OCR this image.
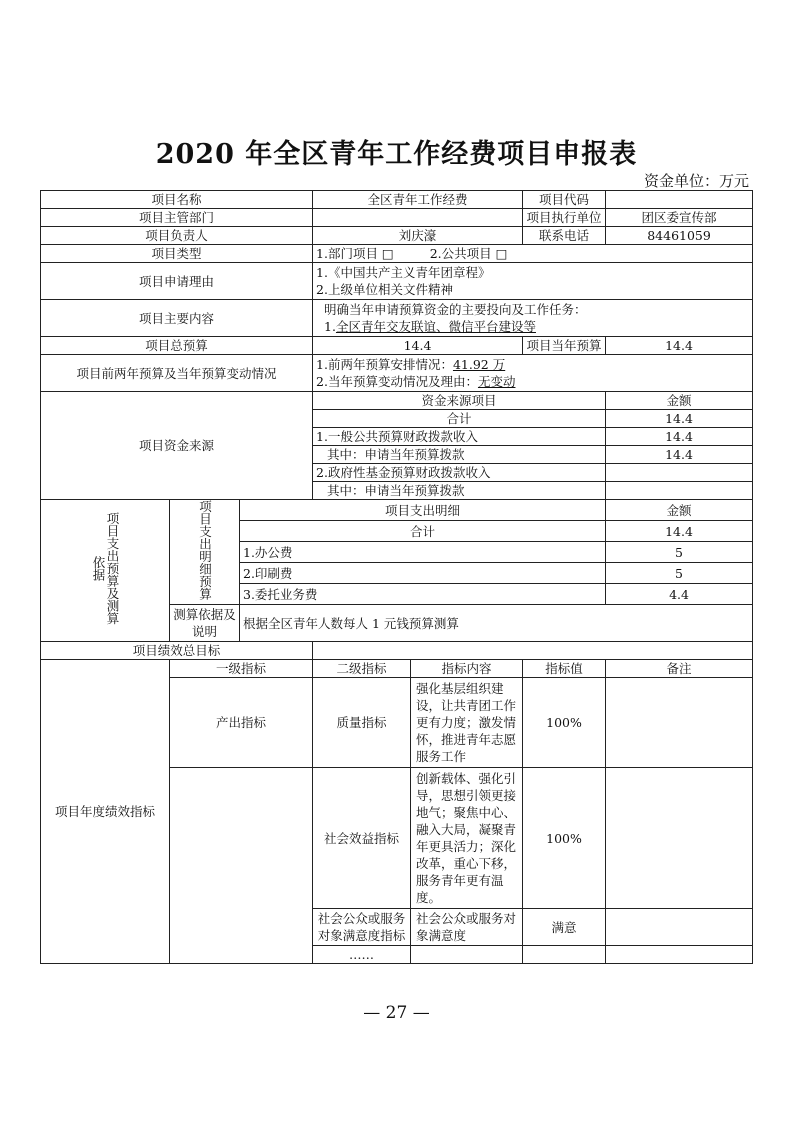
2020 年全区青年工作经费项目申报表
资金单位：万元
项目名称			全区青年工作经费		项目代码	
项目主管部门					项目执行单位	团区委宣传部
项目负责人			刘庆濠		联系电话	84461059
项目类型			1.部门项目 □ 2.公共项目 □			
项目申请理由			1.《中国共产主义青年团章程》
2.上级单位相关文件精神			

项目主要内容			明确当年申请预算资金的主要投向及工作任务：
1.全区青年交友联谊、微信平台建设等			

项目总预算			14.4		项目当年预算	14.4
项目前两年预算及当年预算变动情况			1.前两年预算安排情况：41.92 万
2.当年预算变动情况及理由：无变动			

项目资金来源			资金来源项目			金额
			合计			14.4
			1.一般公共预算财政拨款收入			14.4
			其中：申请当年预算拨款			14.4
			2.政府性基金预算财政拨款收入			
			其中：申请当年预算拨款			
项目支出预算及测算依据	项目支出明细预算	项目支出明细				金额
		合计				14.4
		1.办公费				5
		2.印刷费				5
		3.委托业务费				4.4
	测算依据及说明	根据全区青年人数每人 1 元钱预算测算				
项目绩效总目标						
项目年度绩效指标	一级指标		二级指标	指标内容	指标值	备注
	产出指标		质量指标	强化基层组织建设，让共青团工作更有力度；激发情怀，推进青年志愿服务工作	100%	
			社会效益指标	创新载体、强化引导，思想引领更接地气；聚焦中心、融入大局，凝聚青年更具活力；深化改革，重心下移，服务青年更有温度。	100%	
			社会公众或服务对象满意度指标	社会公众或服务对象满意度	满意	
			……			
— 27 —
